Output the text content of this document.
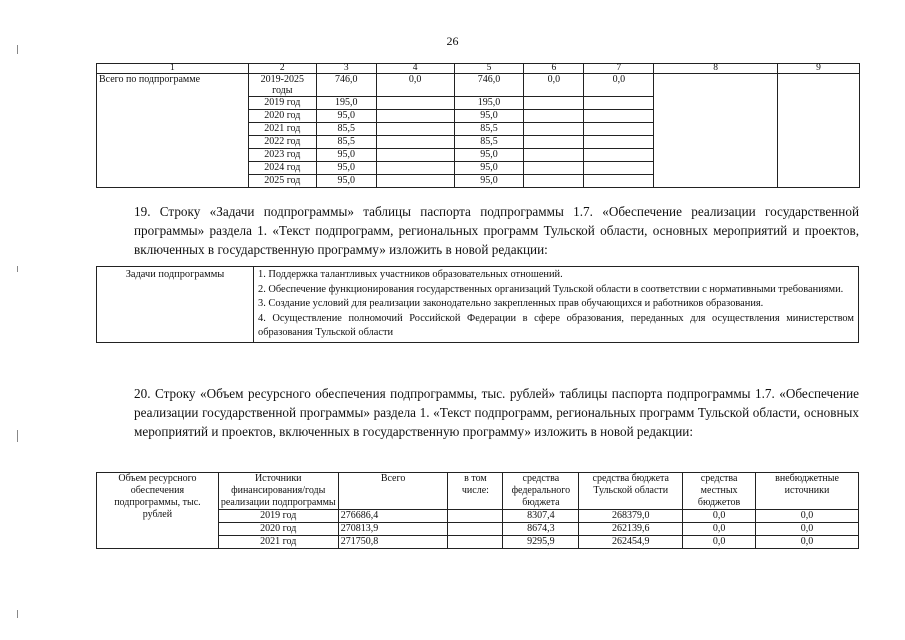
26
1	2	3	4	5	6	7	8	9
Всего по подпрограмме	2019-2025 годы	746,0	0,0	746,0	0,0	0,0		
	2019 год	195,0		195,0				
	2020 год	95,0		95,0				
	2021 год	85,5		85,5				
	2022 год	85,5		85,5				
	2023 год	95,0		95,0				
	2024 год	95,0		95,0				
	2025 год	95,0		95,0				
19. Строку «Задачи подпрограммы» таблицы паспорта подпрограммы 1.7. «Обеспечение реализации государственной программы» раздела 1. «Текст подпрограмм, региональных программ Тульской области, основных мероприятий и проектов, включенных в государственную программу» изложить в новой редакции:
Задачи подпрограммы	1. Поддержка талантливых участников образовательных отношений.
2. Обеспечение функционирования государственных организаций Тульской области в соответствии с нормативными требованиями.
3. Создание условий для реализации законодательно закрепленных прав обучающихся и работников образования.
4. Осуществление полномочий Российской Федерации в сфере образования, переданных для осуществления министерством образования Тульской области
20. Строку «Объем ресурсного обеспечения подпрограммы, тыс. рублей» таблицы паспорта подпрограммы 1.7. «Обеспечение реализации государственной программы» раздела 1. «Текст подпрограмм, региональных программ Тульской области, основных мероприятий и проектов, включенных в государственную программу» изложить в новой редакции:
Объем ресурсного обеспечения подпрограммы, тыс. рублей	Источники финансирования/годы реализации подпрограммы	Всего	в том числе:	средства федерального бюджета	средства бюджета Тульской области	средства местных бюджетов	внебюджетные источники
	2019 год	276686,4		8307,4	268379,0	0,0	0,0
	2020 год	270813,9		8674,3	262139,6	0,0	0,0
	2021 год	271750,8		9295,9	262454,9	0,0	0,0
